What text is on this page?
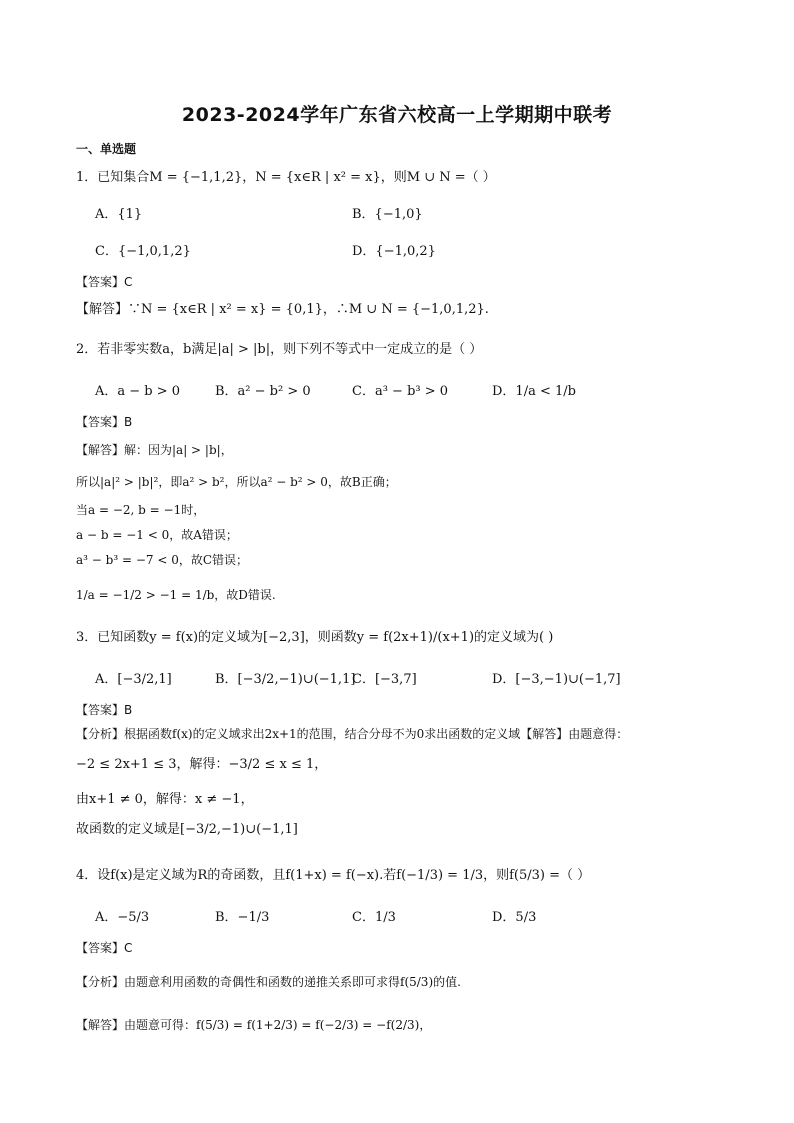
2023-2024学年广东省六校高一上学期期中联考
一、单选题
1．已知集合M = {−1,1,2}，N = {x∈R | x² = x}，则M ∪ N =（ ）
A．{1}	B．{−1,0}
C．{−1,0,1,2}	D．{−1,0,2}
【答案】C
【解答】∵N = {x∈R | x² = x} = {0,1}，∴M ∪ N = {−1,0,1,2}.
2．若非零实数a，b满足|a| > |b|，则下列不等式中一定成立的是（ ）
A．a − b > 0	B．a² − b² > 0	C．a³ − b³ > 0	D．1/a < 1/b
【答案】B
【解答】解：因为|a| > |b|，
所以|a|² > |b|²，即a² > b²，所以a² − b² > 0，故B正确；
当a = −2, b = −1时，
a − b = −1 < 0，故A错误；
a³ − b³ = −7 < 0，故C错误；
1/a = −1/2 > −1 = 1/b，故D错误.
3．已知函数y = f(x)的定义域为[−2,3]，则函数y = f(2x+1)/(x+1)的定义域为( )
A．[−3/2,1]	B．[−3/2,−1)∪(−1,1]
C．[−3,7]	D．[−3,−1)∪(−1,7]
【答案】B
【分析】根据函数f(x)的定义域求出2x+1的范围，结合分母不为0求出函数的定义域【解答】由题意得：
−2 ≤ 2x+1 ≤ 3，解得：−3/2 ≤ x ≤ 1，
由x+1 ≠ 0，解得：x ≠ −1，
故函数的定义域是[−3/2,−1)∪(−1,1]
4．设f(x)是定义域为R的奇函数，且f(1+x) = f(−x).若f(−1/3) = 1/3，则f(5/3) =（ ）
A．−5/3	B．−1/3	C．1/3	D．5/3
【答案】C
【分析】由题意利用函数的奇偶性和函数的递推关系即可求得f(5/3)的值.
【解答】由题意可得：f(5/3) = f(1+2/3) = f(−2/3) = −f(2/3)，
